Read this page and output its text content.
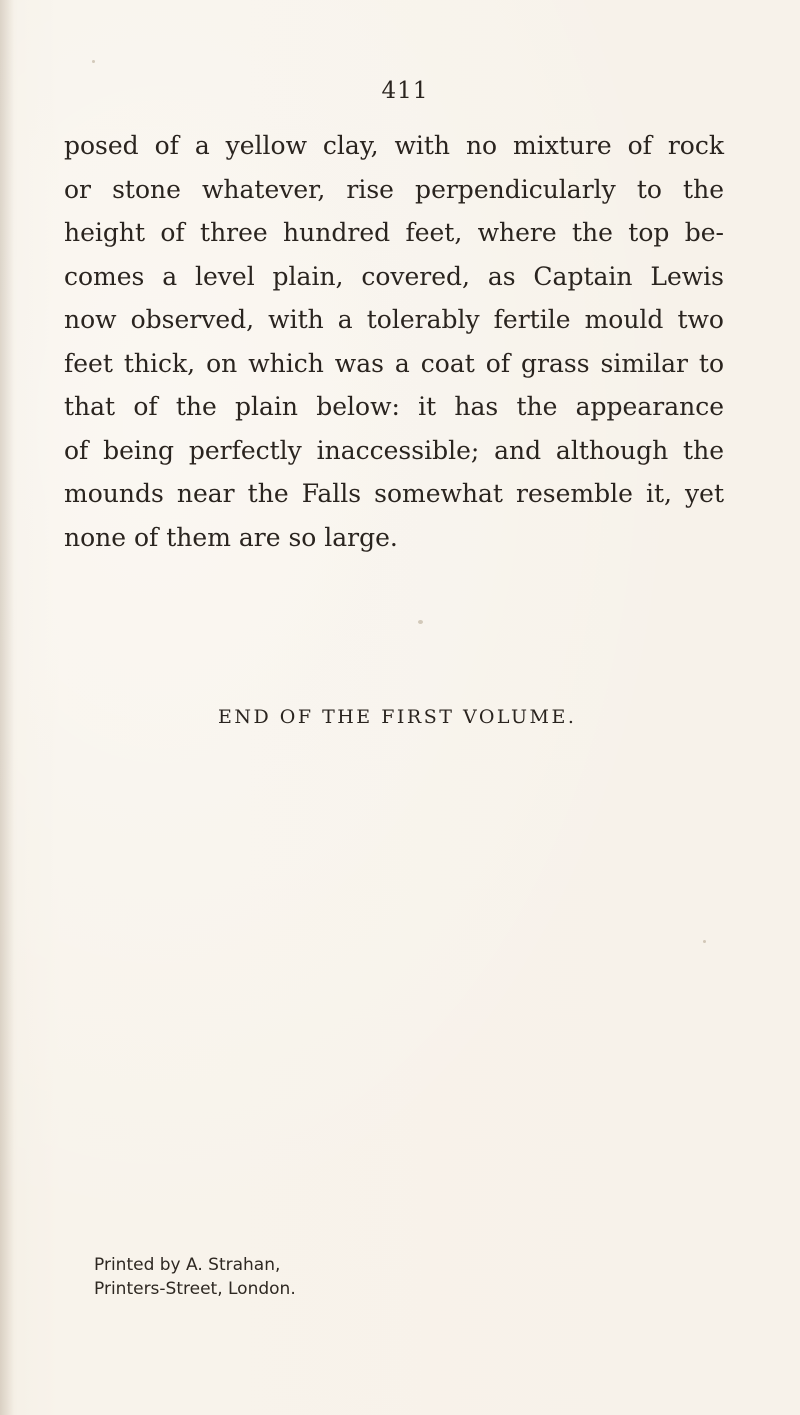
411
posed of a yellow clay, with no mixture of rock
or stone whatever, rise perpendicularly to the
height of three hundred feet, where the top be-
comes a level plain, covered, as Captain Lewis
now observed, with a tolerably fertile mould two
feet thick, on which was a coat of grass similar to
that of the plain below: it has the appearance
of being perfectly inaccessible; and although the
mounds near the Falls somewhat resemble it, yet
none of them are so large.
END OF THE FIRST VOLUME.
Printed by A. Strahan,
Printers-Street, London.
